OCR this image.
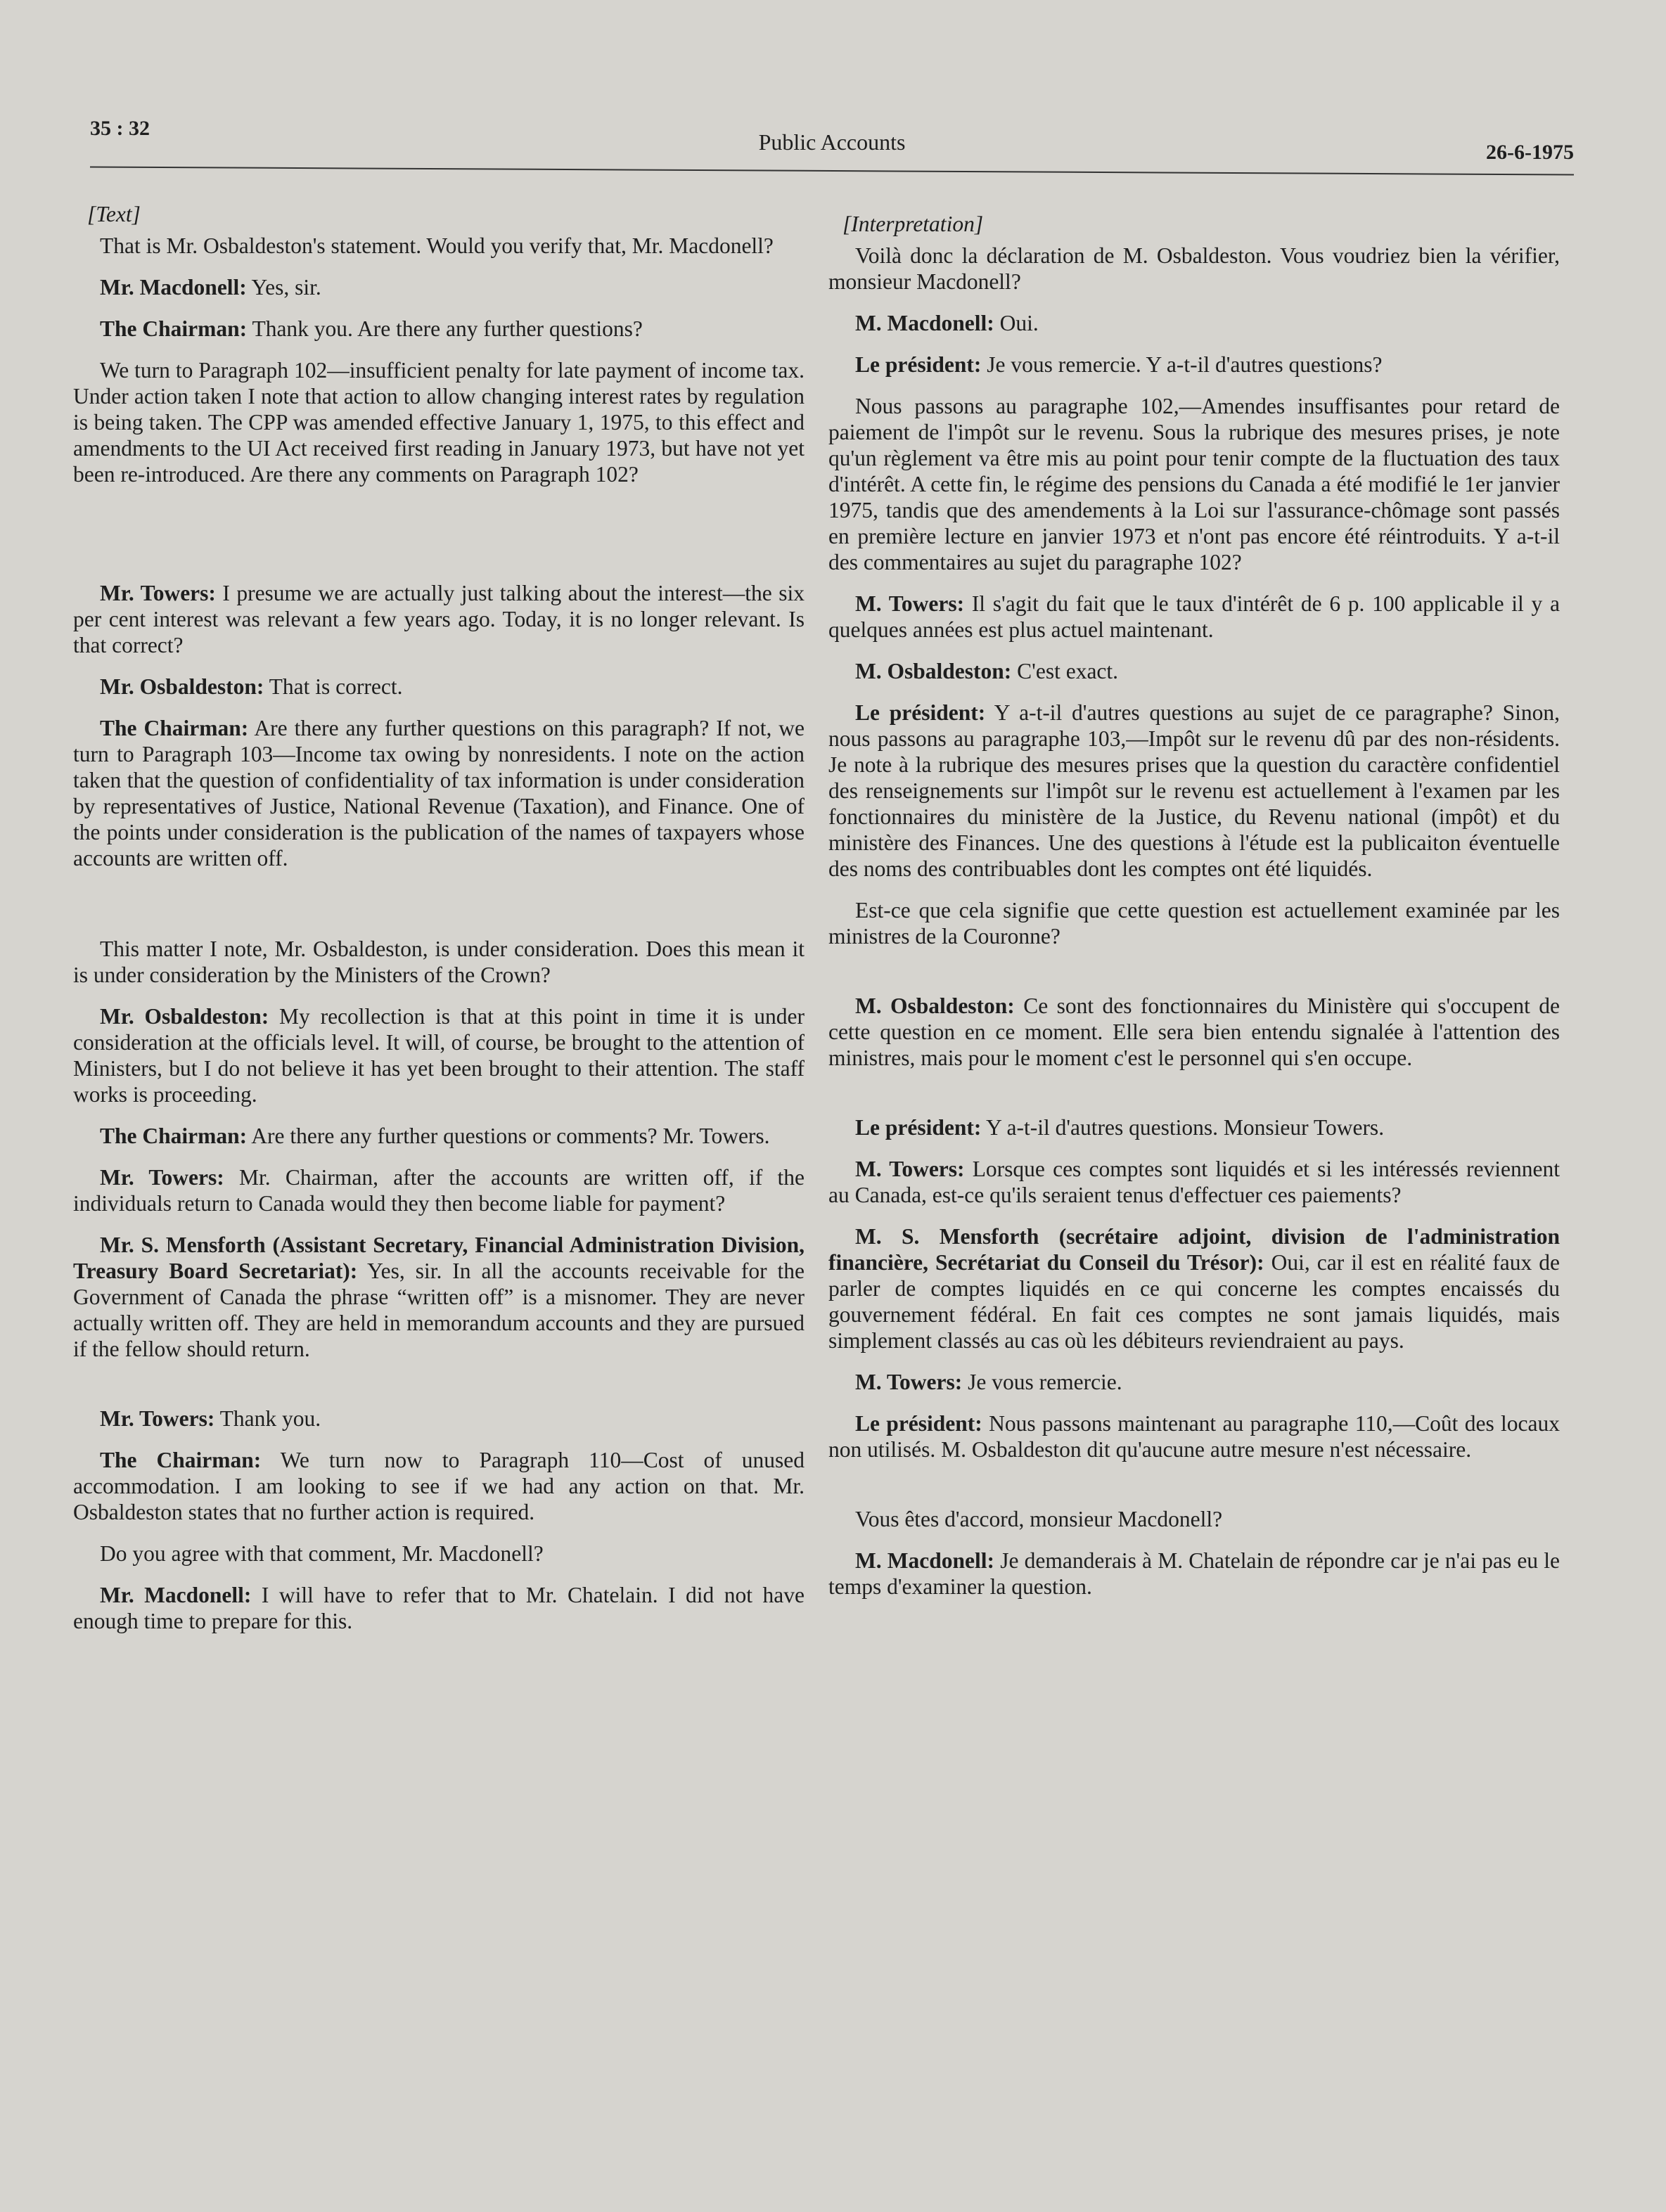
35 : 32
Public Accounts	26-6-1975
[Text]

That is Mr. Osbaldeston's statement. Would you verify that, Mr. Macdonell?

Mr. Macdonell: Yes, sir.

The Chairman: Thank you. Are there any further questions?

We turn to Paragraph 102—insufficient penalty for late payment of income tax. Under action taken I note that action to allow changing interest rates by regulation is being taken. The CPP was amended effective January 1, 1975, to this effect and amendments to the UI Act received first reading in January 1973, but have not yet been re-introduced. Are there any comments on Paragraph 102?

Mr. Towers: I presume we are actually just talking about the interest—the six per cent interest was relevant a few years ago. Today, it is no longer relevant. Is that correct?

Mr. Osbaldeston: That is correct.

The Chairman: Are there any further questions on this paragraph? If not, we turn to Paragraph 103—Income tax owing by nonresidents. I note on the action taken that the question of confidentiality of tax information is under consideration by representatives of Justice, National Revenue (Taxation), and Finance. One of the points under consideration is the publication of the names of taxpayers whose accounts are written off.

This matter I note, Mr. Osbaldeston, is under consideration. Does this mean it is under consideration by the Ministers of the Crown?

Mr. Osbaldeston: My recollection is that at this point in time it is under consideration at the officials level. It will, of course, be brought to the attention of Ministers, but I do not believe it has yet been brought to their attention. The staff works is proceeding.

The Chairman: Are there any further questions or comments? Mr. Towers.

Mr. Towers: Mr. Chairman, after the accounts are written off, if the individuals return to Canada would they then become liable for payment?

Mr. S. Mensforth (Assistant Secretary, Financial Administration Division, Treasury Board Secretariat): Yes, sir. In all the accounts receivable for the Government of Canada the phrase “written off” is a misnomer. They are never actually written off. They are held in memorandum accounts and they are pursued if the fellow should return.

Mr. Towers: Thank you.

The Chairman: We turn now to Paragraph 110—Cost of unused accommodation. I am looking to see if we had any action on that. Mr. Osbaldeston states that no further action is required.

Do you agree with that comment, Mr. Macdonell?

Mr. Macdonell: I will have to refer that to Mr. Chatelain. I did not have enough time to prepare for this.

[Interpretation]

Voilà donc la déclaration de M. Osbaldeston. Vous voudriez bien la vérifier, monsieur Macdonell?

M. Macdonell: Oui.

Le président: Je vous remercie. Y a-t-il d'autres questions?

Nous passons au paragraphe 102,—Amendes insuffisantes pour retard de paiement de l'impôt sur le revenu. Sous la rubrique des mesures prises, je note qu'un règlement va être mis au point pour tenir compte de la fluctuation des taux d'intérêt. A cette fin, le régime des pensions du Canada a été modifié le 1er janvier 1975, tandis que des amendements à la Loi sur l'assurance-chômage sont passés en première lecture en janvier 1973 et n'ont pas encore été réintroduits. Y a-t-il des commentaires au sujet du paragraphe 102?

M. Towers: Il s'agit du fait que le taux d'intérêt de 6 p. 100 applicable il y a quelques années est plus actuel maintenant.

M. Osbaldeston: C'est exact.

Le président: Y a-t-il d'autres questions au sujet de ce paragraphe? Sinon, nous passons au paragraphe 103,—Impôt sur le revenu dû par des non-résidents. Je note à la rubrique des mesures prises que la question du caractère confidentiel des renseignements sur l'impôt sur le revenu est actuellement à l'examen par les fonctionnaires du ministère de la Justice, du Revenu national (impôt) et du ministère des Finances. Une des questions à l'étude est la publicaiton éventuelle des noms des contribuables dont les comptes ont été liquidés.

Est-ce que cela signifie que cette question est actuellement examinée par les ministres de la Couronne?

M. Osbaldeston: Ce sont des fonctionnaires du Ministère qui s'occupent de cette question en ce moment. Elle sera bien entendu signalée à l'attention des ministres, mais pour le moment c'est le personnel qui s'en occupe.

Le président: Y a-t-il d'autres questions. Monsieur Towers.

M. Towers: Lorsque ces comptes sont liquidés et si les intéressés reviennent au Canada, est-ce qu'ils seraient tenus d'effectuer ces paiements?

M. S. Mensforth (secrétaire adjoint, division de l'administration financière, Secrétariat du Conseil du Trésor): Oui, car il est en réalité faux de parler de comptes liquidés en ce qui concerne les comptes encaissés du gouvernement fédéral. En fait ces comptes ne sont jamais liquidés, mais simplement classés au cas où les débiteurs reviendraient au pays.

M. Towers: Je vous remercie.

Le président: Nous passons maintenant au paragraphe 110,—Coût des locaux non utilisés. M. Osbaldeston dit qu'aucune autre mesure n'est nécessaire.

Vous êtes d'accord, monsieur Macdonell?

M. Macdonell: Je demanderais à M. Chatelain de répondre car je n'ai pas eu le temps d'examiner la question.
